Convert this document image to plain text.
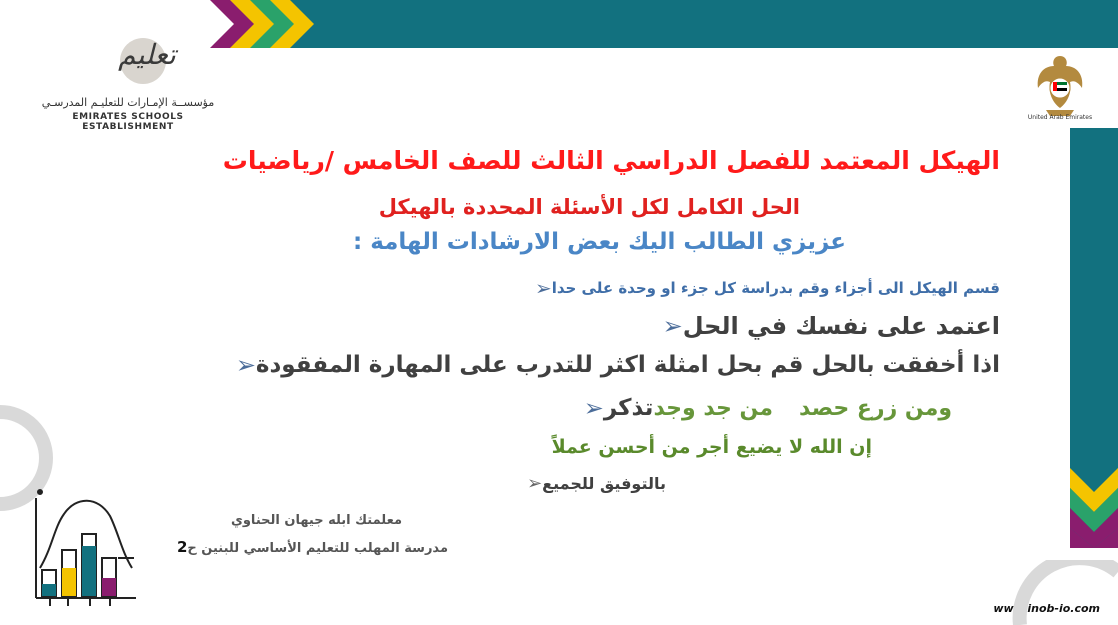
تعليم
مؤسســة الإمـارات للتعليـم المدرسـي
EMIRATES SCHOOLS ESTABLISHMENT
United Arab Emirates
الهيكل المعتمد للفصل الدراسي الثالث للصف الخامس /رياضيات
الحل الكامل لكل الأسئلة المحددة بالهيكل
عزيزي الطالب اليك بعض الارشادات الهامة :
➢ قسم الهيكل الى أجزاء وقم بدراسة كل جزء او وحدة على حدا
➢ اعتمد على نفسك في الحل
➢ اذا أخفقت بالحل قم بحل امثلة اكثر للتدرب على المهارة المفقودة
➢ تذكر من جد وجد ومن زرع حصد
إن الله لا يضيع أجر من أحسن عملاً
➢ بالتوفيق للجميع
معلمتك ابله جيهان الحناوي
مدرسة المهلب للتعليم الأساسي للبنين ح2
www.inob-io.com
